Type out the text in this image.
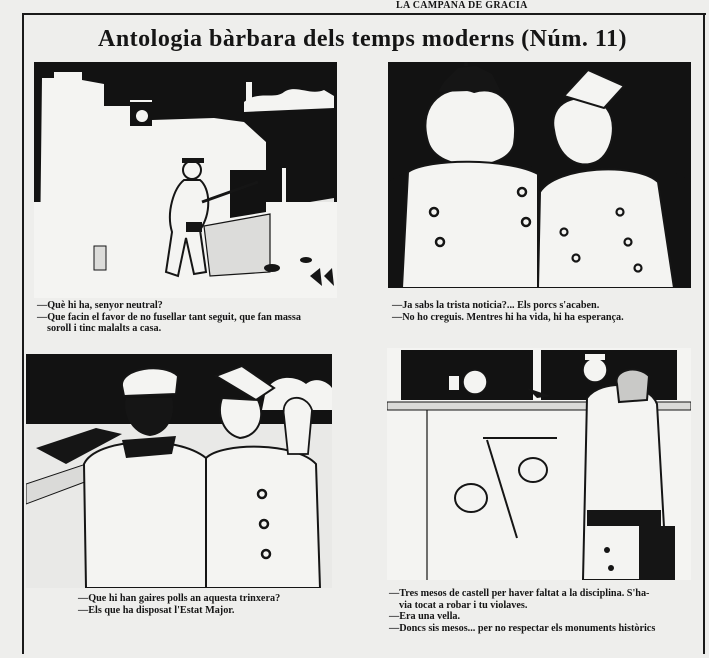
LA CAMPANA DE GRACIA
Antologia bàrbara dels temps moderns (Núm. 11)
—Què hi ha, senyor neutral?
—Que facin el favor de no fusellar tant seguit, que fan massa
soroll i tinc malalts a casa.
—Ja sabs la trista noticia?... Els porcs s'acaben.
—No ho creguis. Mentres hi ha vida, hi ha esperança.
—Que hi han gaires polls an aquesta trinxera?
—Els que ha disposat l'Estat Major.
—Tres mesos de castell per haver faltat a la disciplina. S'ha-
via tocat a robar i tu violaves.
—Era una vella.
—Doncs sis mesos... per no respectar els monuments històrics
